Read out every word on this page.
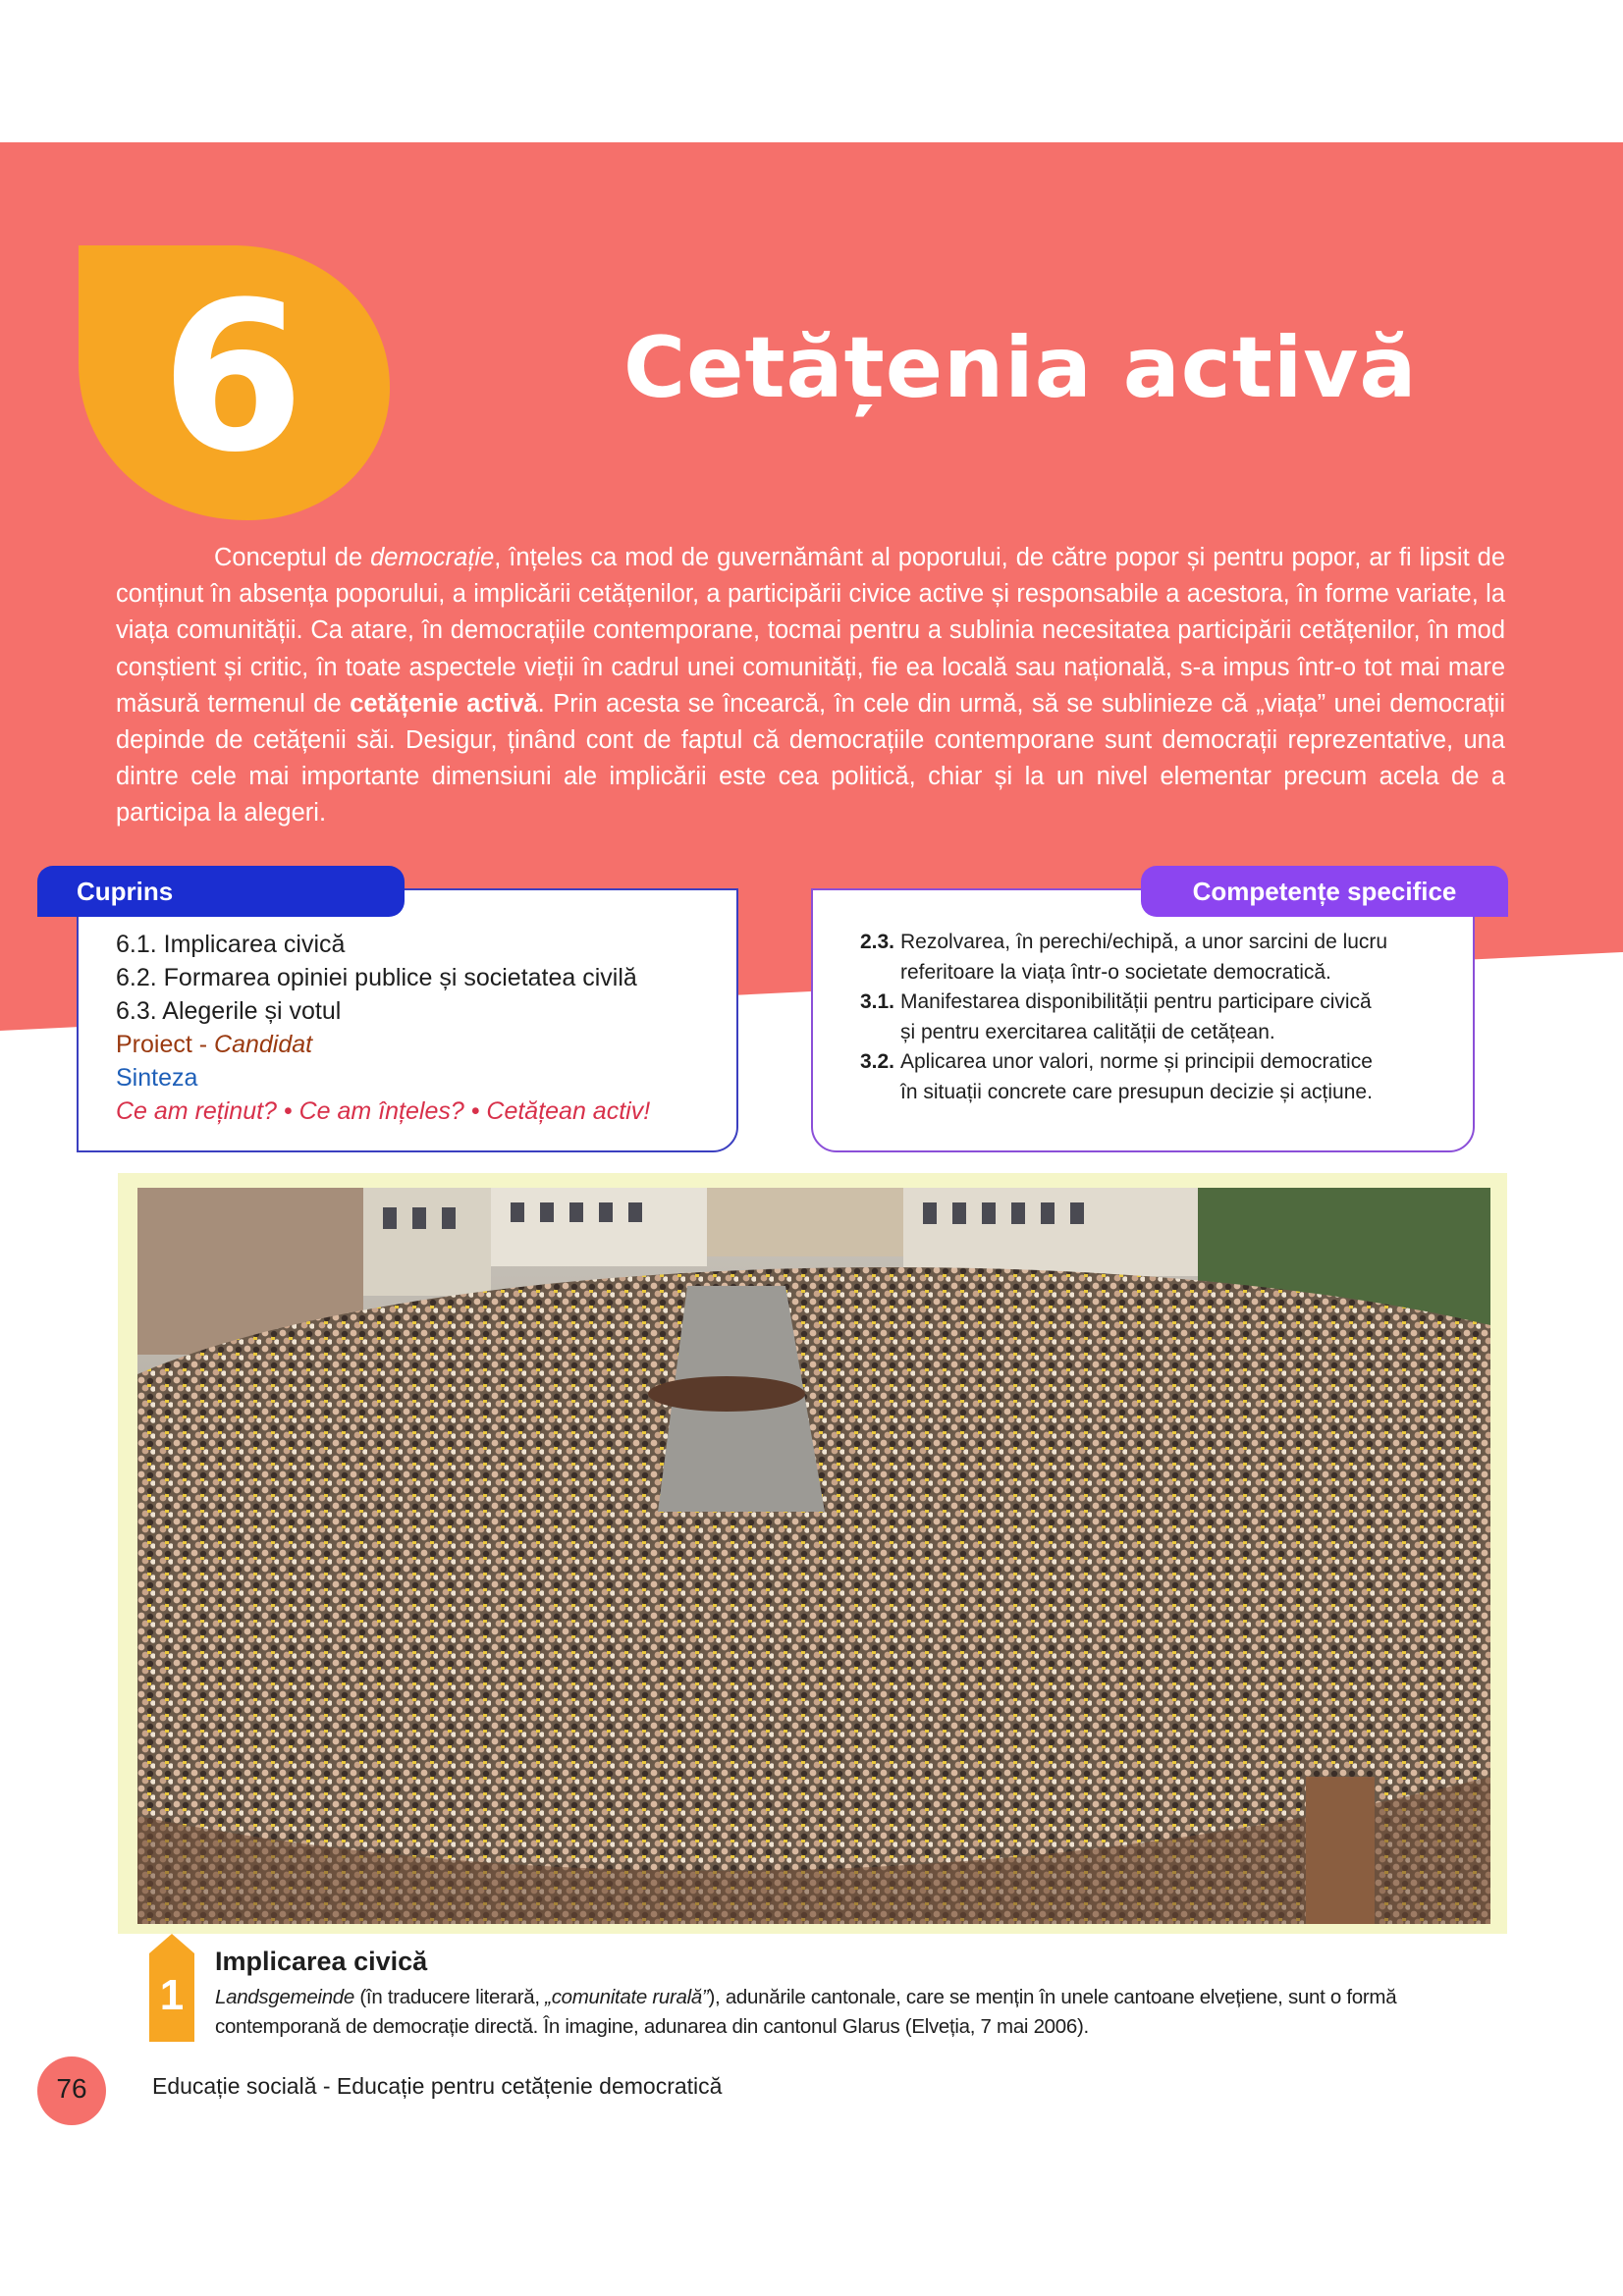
6	Cetățenia activă
Conceptul de democrație, înțeles ca mod de guvernământ al poporului, de către popor și pentru popor, ar fi lipsit de conținut în absența poporului, a implicării cetățenilor, a participării civice active și responsabile a acestora, în forme variate, la viața comunității. Ca atare, în democrațiile contemporane, tocmai pentru a sublinia necesitatea participării cetățenilor, în mod conștient și critic, în toate aspectele vieții în cadrul unei comunități, fie ea locală sau națională, s-a impus într-o tot mai mare măsură termenul de cetățenie activă. Prin acesta se încearcă, în cele din urmă, să se sublinieze că „viața” unei democrații depinde de cetățenii săi. Desigur, ținând cont de faptul că democrațiile contemporane sunt democrații reprezentative, una dintre cele mai importante dimensiuni ale implicării este cea politică, chiar și la un nivel elementar precum acela de a participa la alegeri.
Cuprins
6.1. Implicarea civică
6.2. Formarea opiniei publice și societatea civilă
6.3. Alegerile și votul
Proiect - Candidat
Sinteza
Ce am reținut? • Ce am înțeles? • Cetățean activ!
Competențe specifice
2.3. Rezolvarea, în perechi/echipă, a unor sarcini de lucru
referitoare la viața într-o societate democratică.
3.1. Manifestarea disponibilității pentru participare civică
și pentru exercitarea calității de cetățean.
3.2. Aplicarea unor valori, norme și principii democratice
în situații concrete care presupun decizie și acțiune.
1
Implicarea civică
Landsgemeinde (în traducere literară, „comunitate rurală”), adunările cantonale, care se mențin în unele cantoane elvețiene, sunt o formă contemporană de democrație directă. În imagine, adunarea din cantonul Glarus (Elveția, 7 mai 2006).
76	Educație socială - Educație pentru cetățenie democratică
